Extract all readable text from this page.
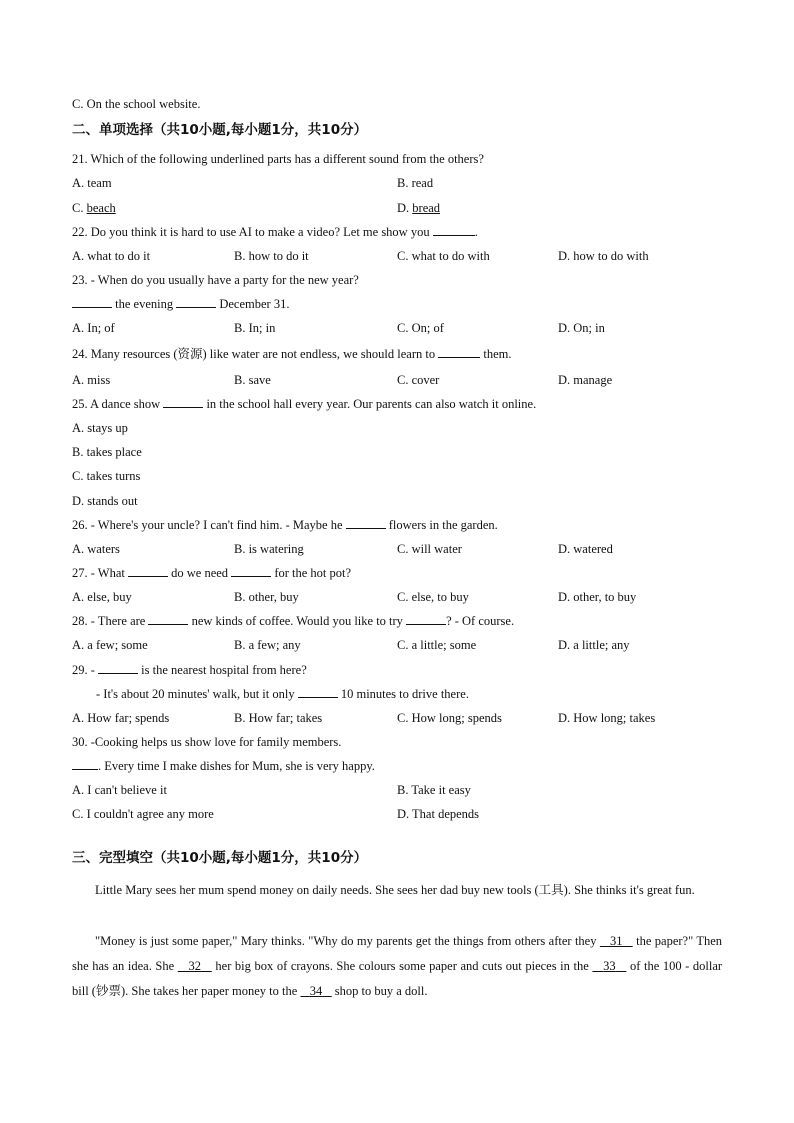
C. On the school website.
二、单项选择（共10小题,每小题1分，共10分）
21. Which of the following underlined parts has a different sound from the others?
A. team	B. read
C. beach	D. bread
22. Do you think it is hard to use AI to make a video? Let me show you	.
A. what to do it	B. how to do it	C. what to do with	D. how to do with
23. - When do you usually have a party for the new year?
the evening	December 31.
A. In; of	B. In; in	C. On; of	D. On; in
24. Many resources (资源) like water are not endless, we should learn to	them.
A. miss	B. save	C. cover	D. manage
25. A dance show	in the school hall every year. Our parents can also watch it online.
A. stays up
B. takes place
C. takes turns
D. stands out
26. - Where's your uncle? I can't find him. - Maybe he	flowers in the garden.
A. waters	B. is watering	C. will water	D. watered
27. - What	do we need	for the hot pot?
A. else, buy	B. other, buy	C. else, to buy	D. other, to buy
28. - There are	new kinds of coffee. Would you like to try	? - Of course.
A. a few; some	B. a few; any	C. a little; some	D. a little; any
29. -	is the nearest hospital from here?
- It's about 20 minutes' walk, but it only	10 minutes to drive there.
A. How far; spends	B. How far; takes	C. How long; spends	D. How long; takes
30. -Cooking helps us show love for family members.
. Every time I make dishes for Mum, she is very happy.
A. I can't believe it	B. Take it easy
C. I couldn't agree any more	D. That depends
三、完型填空（共10小题,每小题1分，共10分）
Little Mary sees her mum spend money on daily needs. She sees her dad buy new tools (工具). She thinks it's great fun.
"Money is just some paper," Mary thinks. "Why do my parents get the things from others after they 31 the paper?" Then she has an idea. She 32 her big box of crayons. She colours some paper and cuts out pieces in the 33 of the 100 - dollar bill (钞票). She takes her paper money to the 34 shop to buy a doll.
